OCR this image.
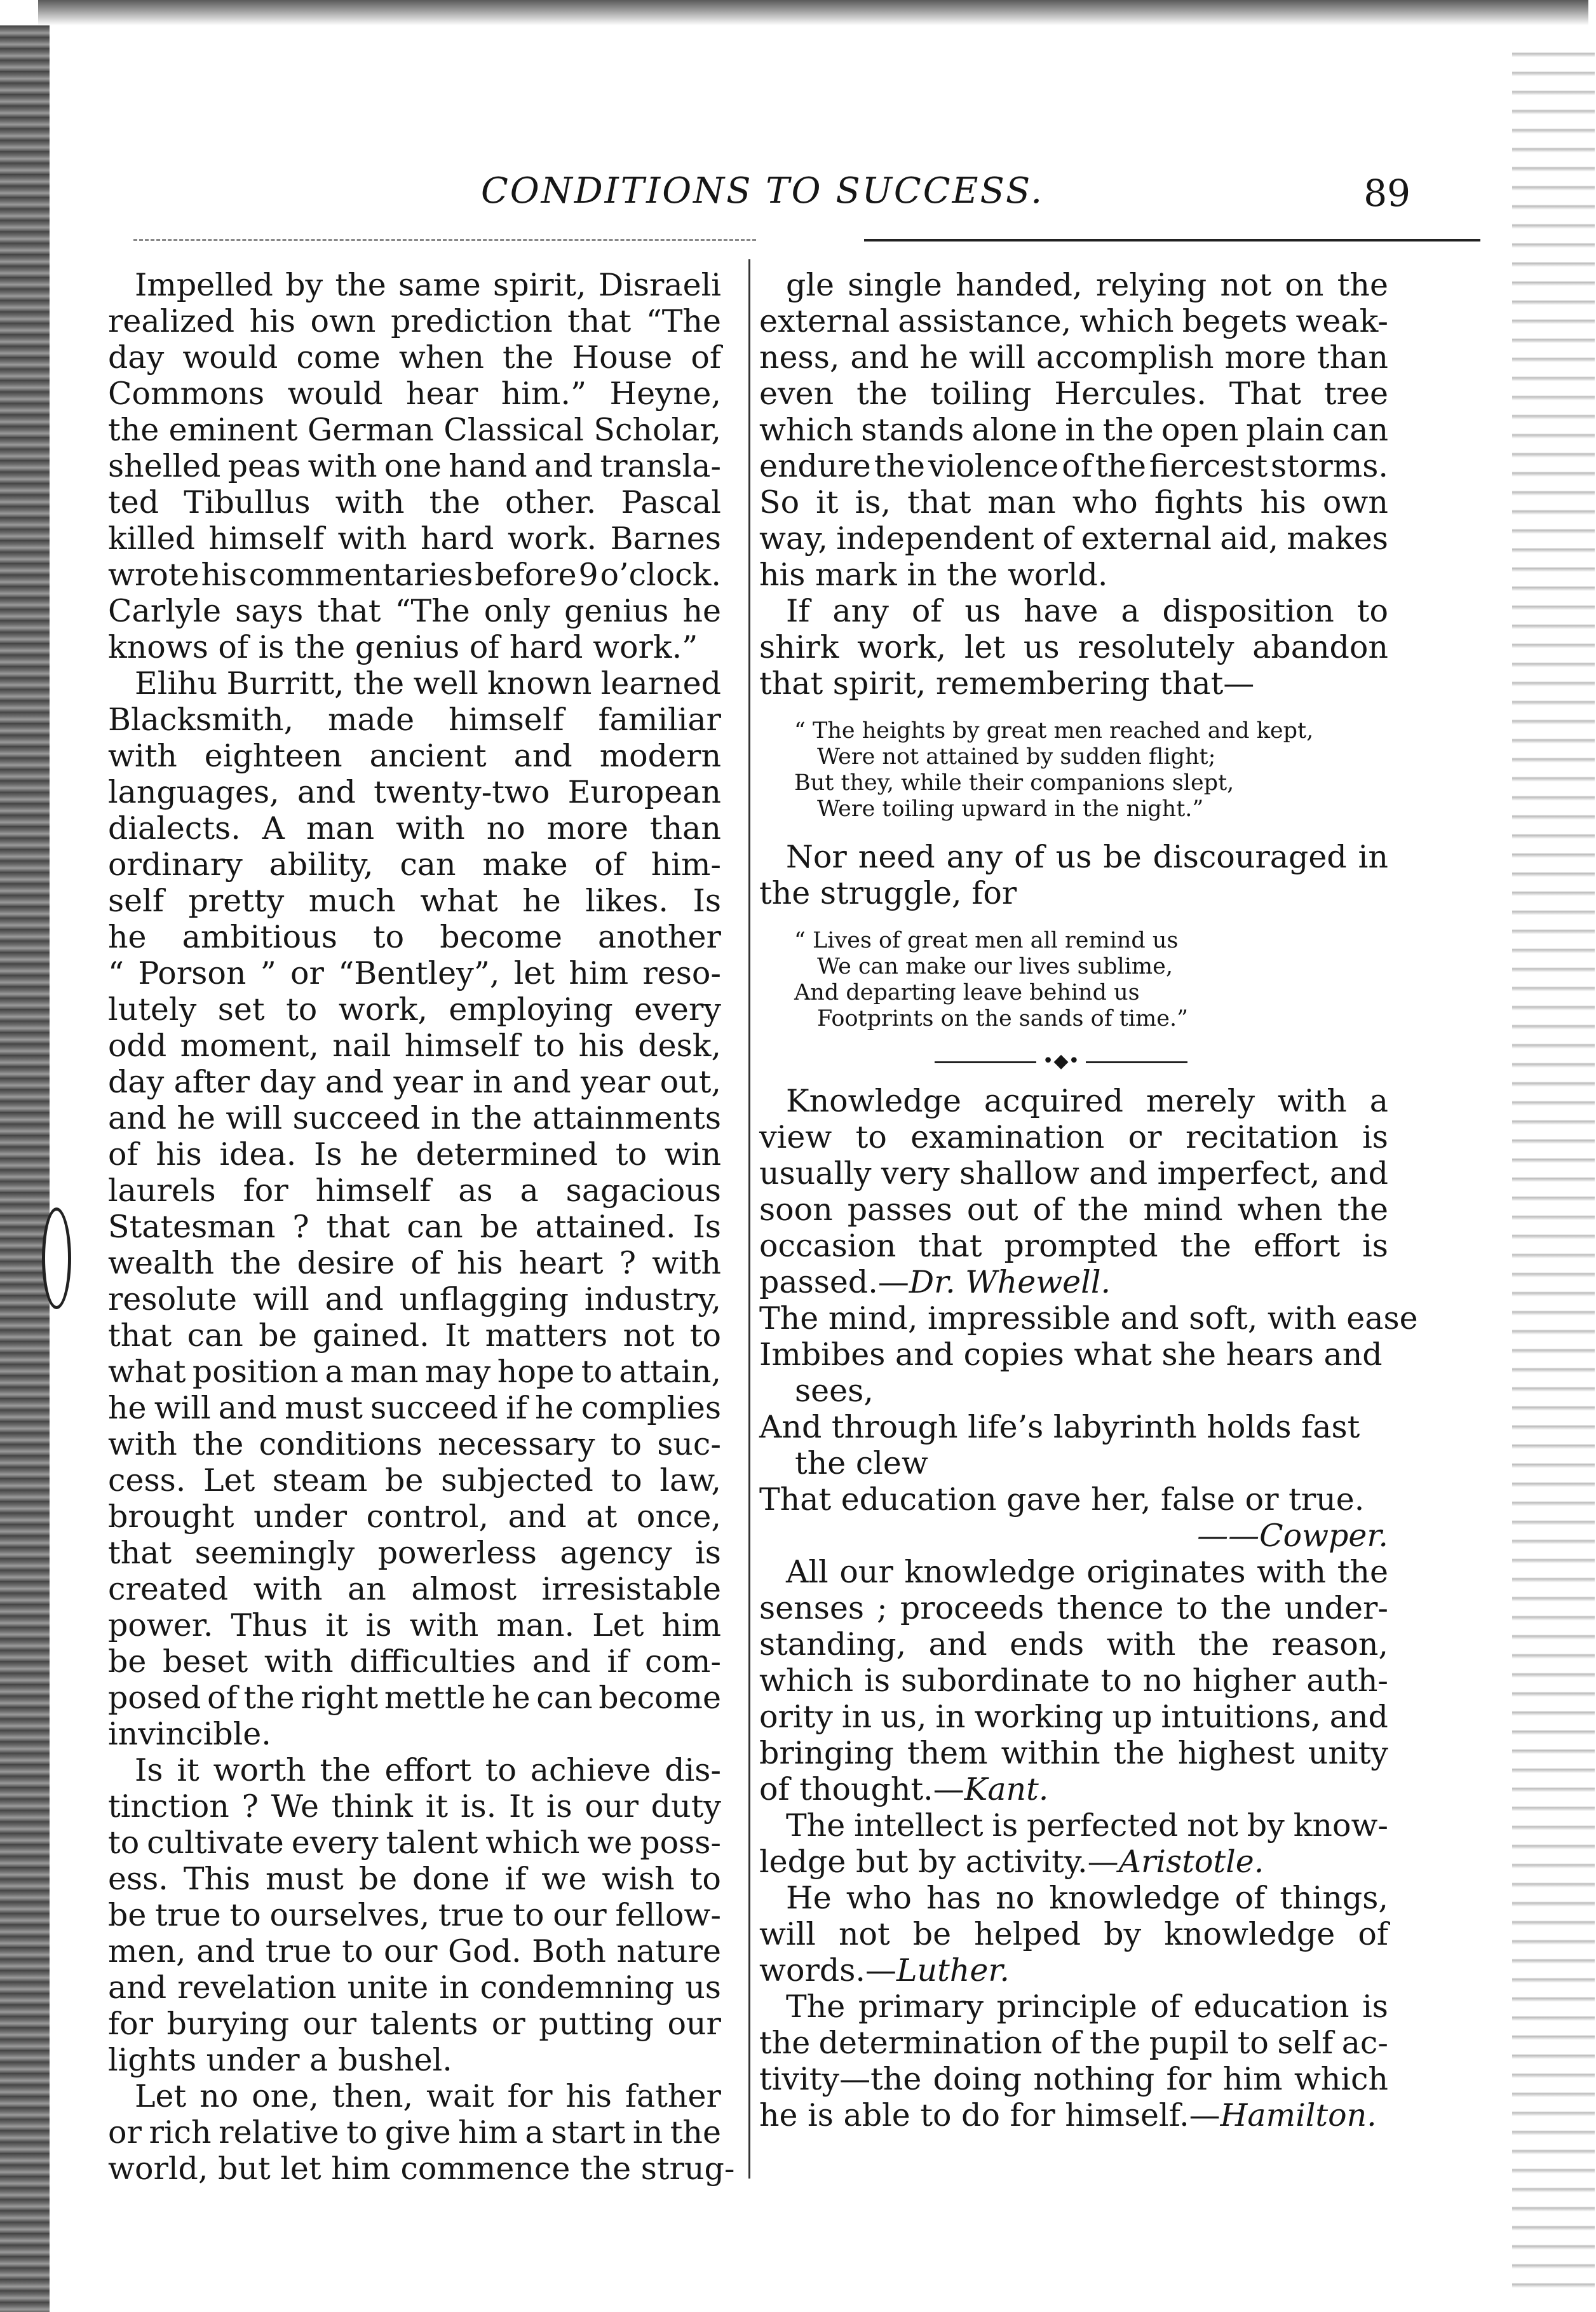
CONDITIONS TO SUCCESS.	89
Impelled by the same spirit, Disraeli
realized his own prediction that “The
day would come when the House of
Commons would hear him.” Heyne,
the eminent German Classical Scholar,
shelled peas with one hand and transla-
ted Tibullus with the other. Pascal
killed himself with hard work. Barnes
wrote his commentaries before 9 o’clock.
Carlyle says that “The only genius he
knows of is the genius of hard work.”
Elihu Burritt, the well known learned
Blacksmith, made himself familiar
with eighteen ancient and modern
languages, and twenty-two European
dialects. A man with no more than
ordinary ability, can make of him-
self pretty much what he likes. Is
he ambitious to become another
“ Porson ” or “Bentley”, let him reso-
lutely set to work, employing every
odd moment, nail himself to his desk,
day after day and year in and year out,
and he will succeed in the attainments
of his idea. Is he determined to win
laurels for himself as a sagacious
Statesman ? that can be attained. Is
wealth the desire of his heart ? with
resolute will and unflagging industry,
that can be gained. It matters not to
what position a man may hope to attain,
he will and must succeed if he complies
with the conditions necessary to suc-
cess. Let steam be subjected to law,
brought under control, and at once,
that seemingly powerless agency is
created with an almost irresistable
power. Thus it is with man. Let him
be beset with difficulties and if com-
posed of the right mettle he can become
invincible.
Is it worth the effort to achieve dis-
tinction ? We think it is. It is our duty
to cultivate every talent which we poss-
ess. This must be done if we wish to
be true to ourselves, true to our fellow-
men, and true to our God. Both nature
and revelation unite in condemning us
for burying our talents or putting our
lights under a bushel.
Let no one, then, wait for his father
or rich relative to give him a start in the
world, but let him commence the strug-
gle single handed, relying not on the
external assistance, which begets weak-
ness, and he will accomplish more than
even the toiling Hercules. That tree
which stands alone in the open plain can
endure the violence of the fiercest storms.
So it is, that man who fights his own
way, independent of external aid, makes
his mark in the world.
If any of us have a disposition to
shirk work, let us resolutely abandon
that spirit, remembering that—
“ The heights by great men reached and kept,
Were not attained by sudden flight;
But they, while their companions slept,
Were toiling upward in the night.”
Nor need any of us be discouraged in
the struggle, for
“ Lives of great men all remind us
We can make our lives sublime,
And departing leave behind us
Footprints on the sands of time.”
•◆•
Knowledge acquired merely with a
view to examination or recitation is
usually very shallow and imperfect, and
soon passes out of the mind when the
occasion that prompted the effort is
passed.—Dr. Whewell.
The mind, impressible and soft, with ease
Imbibes and copies what she hears and
sees,
And through life’s labyrinth holds fast
the clew
That education gave her, false or true.
——Cowper.
All our knowledge originates with the
senses ; proceeds thence to the under-
standing, and ends with the reason,
which is subordinate to no higher auth-
ority in us, in working up intuitions, and
bringing them within the highest unity
of thought.—Kant.
The intellect is perfected not by know-
ledge but by activity.—Aristotle.
He who has no knowledge of things,
will not be helped by knowledge of
words.—Luther.
The primary principle of education is
the determination of the pupil to self ac-
tivity—the doing nothing for him which
he is able to do for himself.—Hamilton.
